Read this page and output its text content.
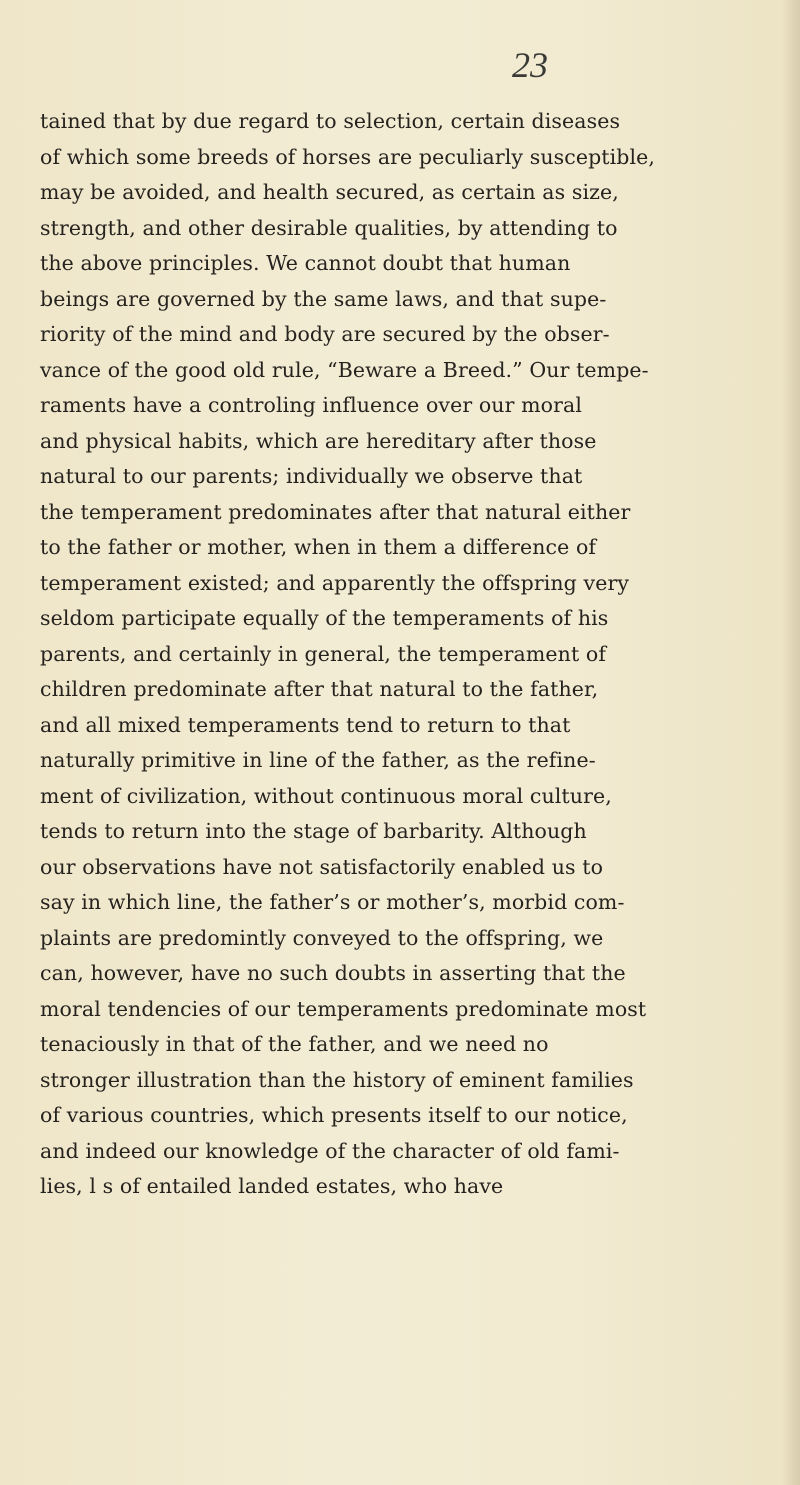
23
tained that by due regard to selection, certain diseases
of which some breeds of horses are peculiarly susceptible,
may be avoided, and health secured, as certain as size,
strength, and other desirable qualities, by attending to
the above principles. We cannot doubt that human
beings are governed by the same laws, and that supe-
riority of the mind and body are secured by the obser-
vance of the good old rule, “Beware a Breed.” Our tempe-
raments have a controling influence over our moral
and physical habits, which are hereditary after those
natural to our parents; individually we observe that
the temperament predominates after that natural either
to the father or mother, when in them a difference of
temperament existed; and apparently the offspring very
seldom participate equally of the temperaments of his
parents, and certainly in general, the temperament of
children predominate after that natural to the father,
and all mixed temperaments tend to return to that
naturally primitive in line of the father, as the refine-
ment of civilization, without continuous moral culture,
tends to return into the stage of barbarity. Although
our observations have not satisfactorily enabled us to
say in which line, the father’s or mother’s, morbid com-
plaints are predomintly conveyed to the offspring, we
can, however, have no such doubts in asserting that the
moral tendencies of our temperaments predominate most
tenaciously in that of the father, and we need no
stronger illustration than the history of eminent families
of various countries, which presents itself to our notice,
and indeed our knowledge of the character of old fami-
lies, l s of entailed landed estates, who have
